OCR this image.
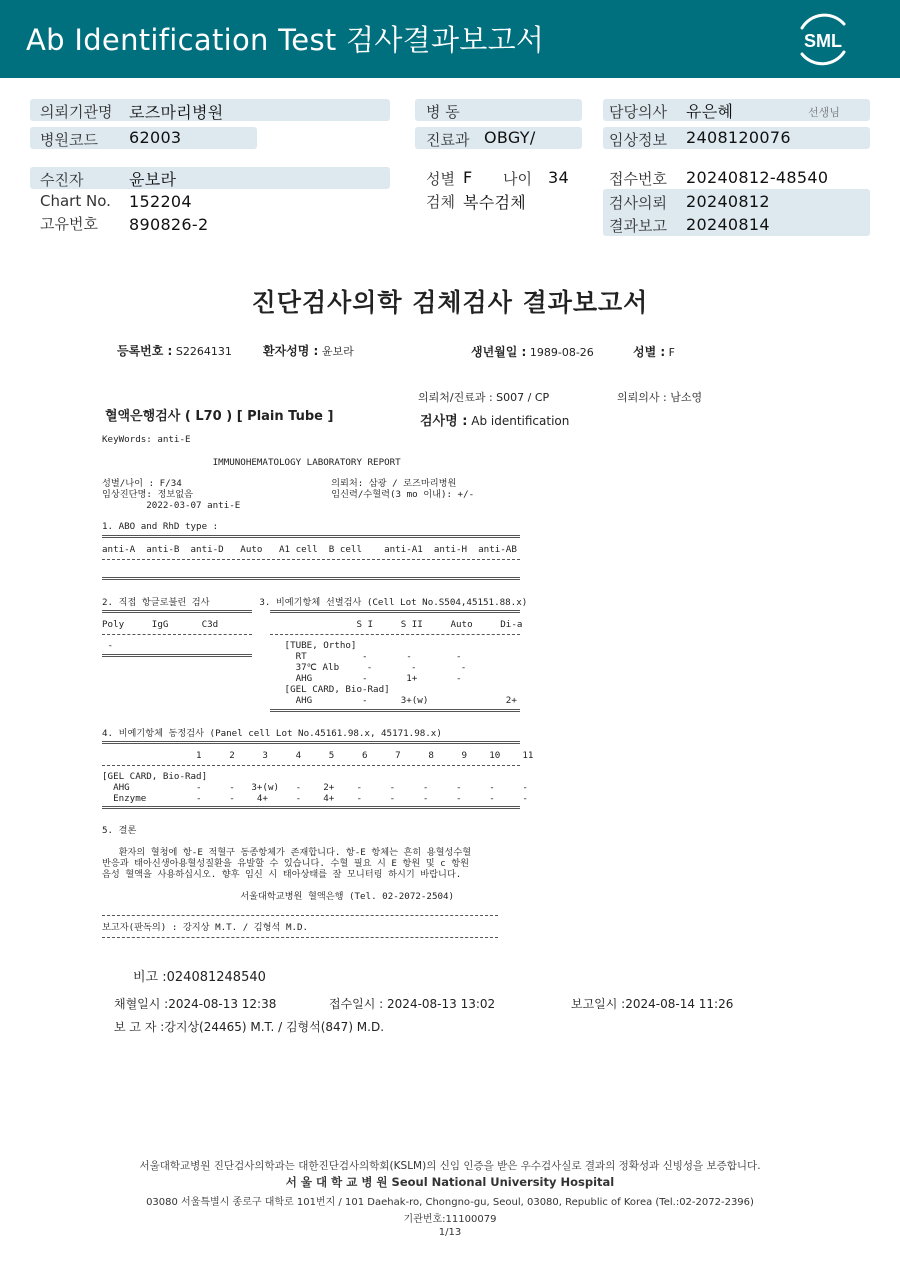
Ab Identification Test 검사결과보고서	SML
의뢰기관명 로즈마리병원
병원코드 62003
병 동
진료과 OBGY/
담당의사 유은혜	선생님
임상정보 2408120076
수진자	윤보라
Chart No. 152204
고유번호 890826-2
성별 F 나이 34
검체 복수검체
접수번호 20240812-48540
검사의뢰 20240812
결과보고 20240814
진단검사의학 검체검사 결과보고서
등록번호 : S2264131	환자성명 : 윤보라	생년월일 : 1989-08-26	성별 : F
의뢰처/진료과 : S007 / CP	의뢰의사 : 남소영
혈액은행검사 ( L70 ) [ Plain Tube ]	검사명 : Ab identification
KeyWords: anti-E
IMMUNOHEMATOLOGY LABORATORY REPORT
성별/나이 : F/34                           의뢰처: 삼광 / 로즈마리병원
임상진단명: 정보없음                         임신력/수혈력(3 mo 이내): +/-
2022-03-07 anti-E
1. ABO and RhD type :
anti-A  anti-B  anti-D   Auto   A1 cell  B cell    anti-A1  anti-H  anti-AB
2. 직접 항글로불린 검사         3. 비예기항체 선별검사 (Cell Lot No.S504,45151.88.x)
Poly     IgG      C3d                         S I     S II     Auto     Di-a
-                               [TUBE, Ortho]
RT          -       -        -
37℃ Alb     -       -        -
AHG         -       1+       -
[GEL CARD, Bio-Rad]
AHG         -      3+(w)              2+
4. 비예기항체 동정검사 (Panel cell Lot No.45161.98.x, 45171.98.x)
1     2     3     4     5     6     7     8     9    10    11
[GEL CARD, Bio-Rad]
AHG            -     -   3+(w)   -    2+    -     -     -     -     -     -
Enzyme         -     -    4+     -    4+    -     -     -     -     -     -
5. 결론
환자의 혈청에 항-E 적혈구 동종항체가 존재합니다. 항-E 항체는 흔히 용혈성수혈
반응과 태아신생아용혈성질환을 유발할 수 있습니다. 수혈 필요 시 E 항원 및 c 항원
음성 혈액을 사용하십시오. 향후 임신 시 태아상태를 잘 모니터링 하시기 바랍니다.
서울대학교병원 혈액은행 (Tel. 02-2072-2504)
보고자(판독의) : 강지상 M.T. / 김형석 M.D.
비고 :024081248540
채혈일시 :2024-08-13 12:38	접수일시 : 2024-08-13 13:02	보고일시 :2024-08-14 11:26
보 고 자 :강지상(24465) M.T. / 김형석(847) M.D.
서울대학교병원 진단검사의학과는 대한진단검사의학회(KSLM)의 신임 인증을 받은 우수검사실로 결과의 정확성과 신빙성을 보증합니다.
서 울 대 학 교 병 원 Seoul National University Hospital
03080 서울특별시 종로구 대학로 101번지 / 101 Daehak-ro, Chongno-gu, Seoul, 03080, Republic of Korea (Tel.:02-2072-2396)
기관번호:11100079
1/13
